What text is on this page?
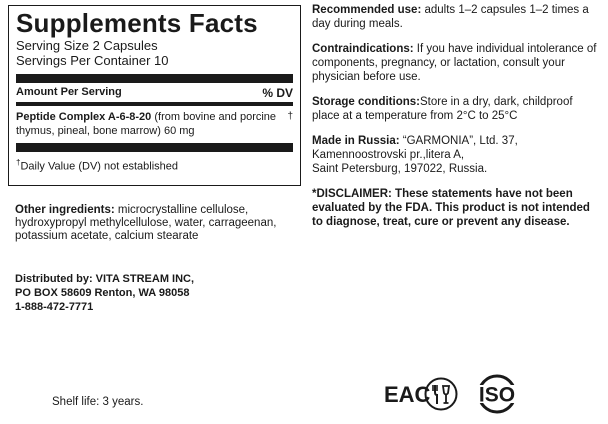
Supplements Facts
Serving Size 2 Capsules
Servings Per Container 10
Amount Per Serving	% DV
Peptide Complex A-6-8-20 (from bovine and porcine thymus, pineal, bone marrow) 60 mg
†
†Daily Value (DV) not established
Other ingredients: microcrystalline cellulose, hydroxypropyl methylcellulose, water, carrageenan, potassium acetate, calcium stearate
Distributed by: VITA STREAM INC,
PO BOX 58609 Renton, WA 98058
1-888-472-7771
Shelf life: 3 years.

Recommended use: adults 1–2 capsules 1–2 times a day during meals.

Contraindications: If you have individual intolerance of components, pregnancy, or lactation, consult your physician before use.

Storage conditions:Store in a dry, dark, childproof place at a temperature from 2°C to 25°C

Made in Russia: “GARMONIA”, Ltd. 37,
Kamennoostrovski pr.,litera A,
Saint Petersburg, 197022, Russia.

*DISCLAIMER: These statements have not been evaluated by the FDA. This product is not intended to diagnose, treat, cure or prevent any disease.

EAC ISO
